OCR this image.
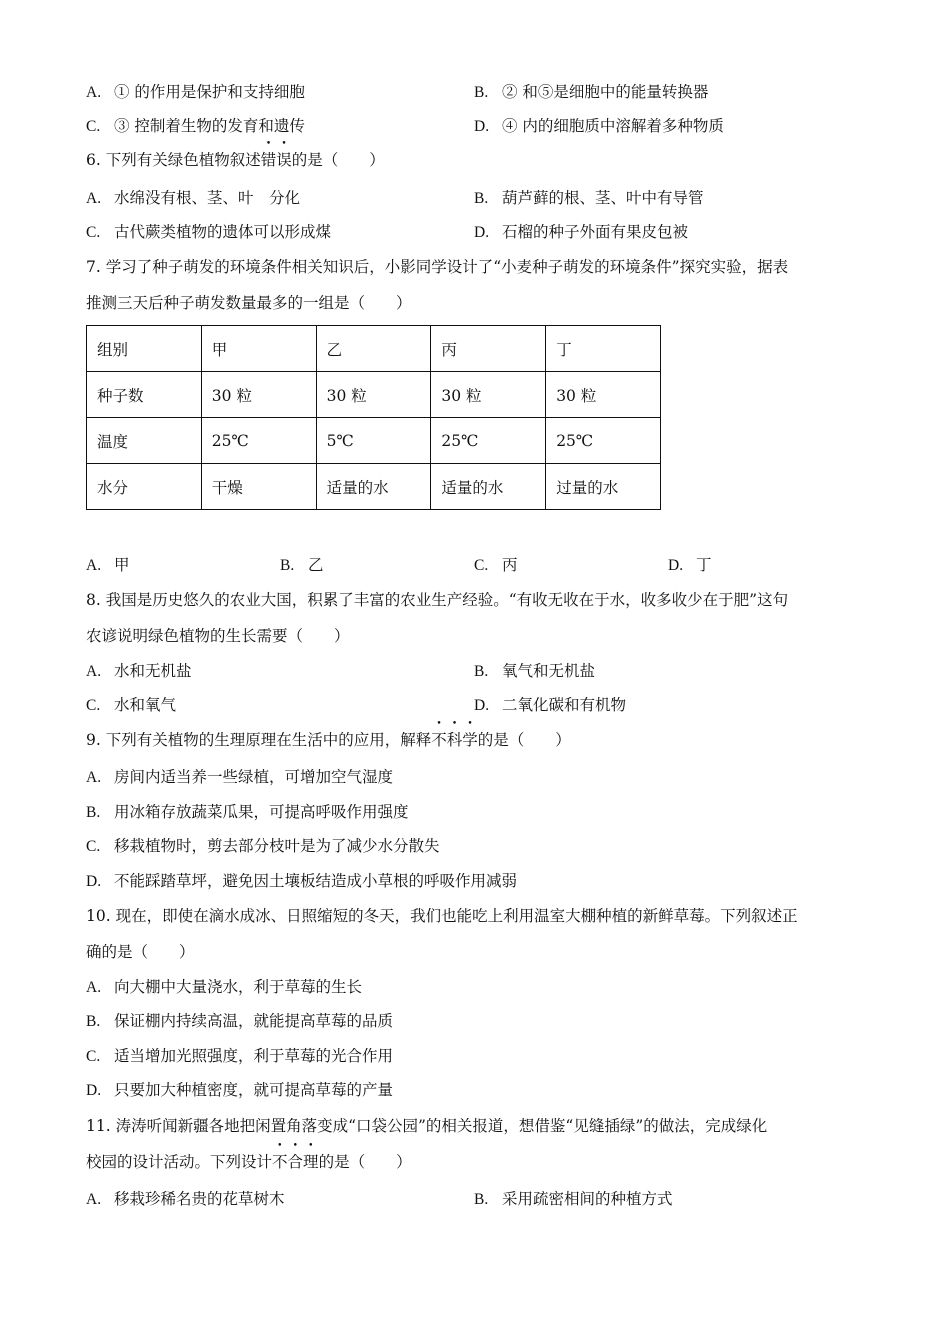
A. ① 的作用是保护和支持细胞	B. ② 和⑤是细胞中的能量转换器
C. ③ 控制着生物的发育和遗传	D. ④ 内的细胞质中溶解着多种物质
6. 下列有关绿色植物叙述错误的是（　　）
A. 水绵没有根、茎、叶　分化	B. 葫芦藓的根、茎、叶中有导管
C. 古代蕨类植物的遗体可以形成煤	D. 石榴的种子外面有果皮包被
7. 学习了种子萌发的环境条件相关知识后，小影同学设计了“小麦种子萌发的环境条件”探究实验，据表
推测三天后种子萌发数量最多的一组是（　　）
组别	甲	乙	丙	丁
种子数	30 粒	30 粒	30 粒	30 粒
温度	25℃	5℃	25℃	25℃
水分	干燥	适量的水	适量的水	过量的水
A. 甲	B. 乙	C. 丙	D. 丁
8. 我国是历史悠久的农业大国，积累了丰富的农业生产经验。“有收无收在于水，收多收少在于肥”这句
农谚说明绿色植物的生长需要（　　）
A. 水和无机盐	B. 氧气和无机盐
C. 水和氧气	D. 二氧化碳和有机物
9. 下列有关植物的生理原理在生活中的应用，解释不科学的是（　　）
A. 房间内适当养一些绿植，可增加空气湿度
B. 用冰箱存放蔬菜瓜果，可提高呼吸作用强度
C. 移栽植物时，剪去部分枝叶是为了减少水分散失
D. 不能踩踏草坪，避免因土壤板结造成小草根的呼吸作用减弱
10. 现在，即使在滴水成冰、日照缩短的冬天，我们也能吃上利用温室大棚种植的新鲜草莓。下列叙述正
确的是（　　）
A. 向大棚中大量浇水，利于草莓的生长
B. 保证棚内持续高温，就能提高草莓的品质
C. 适当增加光照强度，利于草莓的光合作用
D. 只要加大种植密度，就可提高草莓的产量
11. 涛涛听闻新疆各地把闲置角落变成“口袋公园”的相关报道，想借鉴“见缝插绿”的做法，完成绿化
校园的设计活动。下列设计不合理的是（　　）
A. 移栽珍稀名贵的花草树木	B. 采用疏密相间的种植方式
